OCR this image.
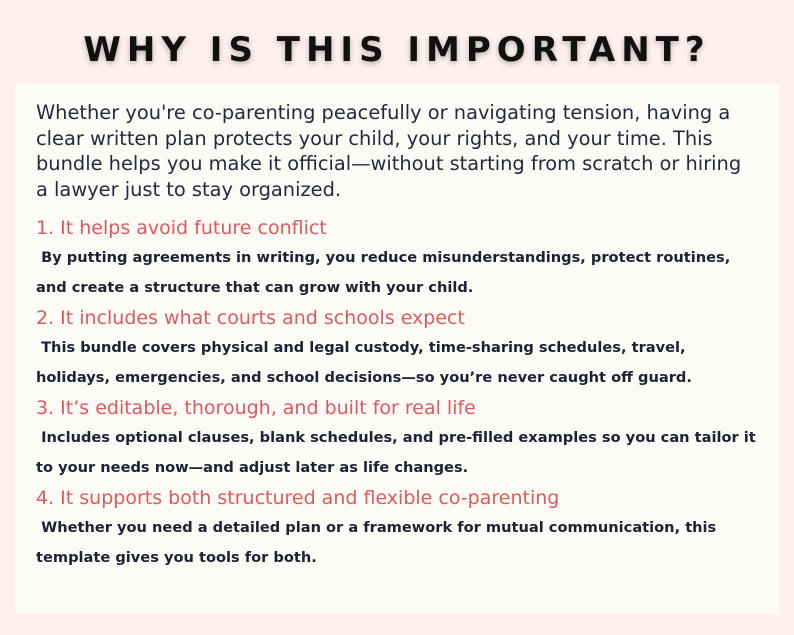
WHY IS THIS IMPORTANT?

Whether you're co-parenting peacefully or navigating tension, having a clear written plan protects your child, your rights, and your time. This bundle helps you make it official—without starting from scratch or hiring a lawyer just to stay organized.

1. It helps avoid future conflict

By putting agreements in writing, you reduce misunderstandings, protect routines, and create a structure that can grow with your child.

2. It includes what courts and schools expect

This bundle covers physical and legal custody, time-sharing schedules, travel, holidays, emergencies, and school decisions—so you’re never caught off guard.

3. It’s editable, thorough, and built for real life

Includes optional clauses, blank schedules, and pre-filled examples so you can tailor it to your needs now—and adjust later as life changes.

4. It supports both structured and flexible co-parenting

Whether you need a detailed plan or a framework for mutual communication, this template gives you tools for both.
